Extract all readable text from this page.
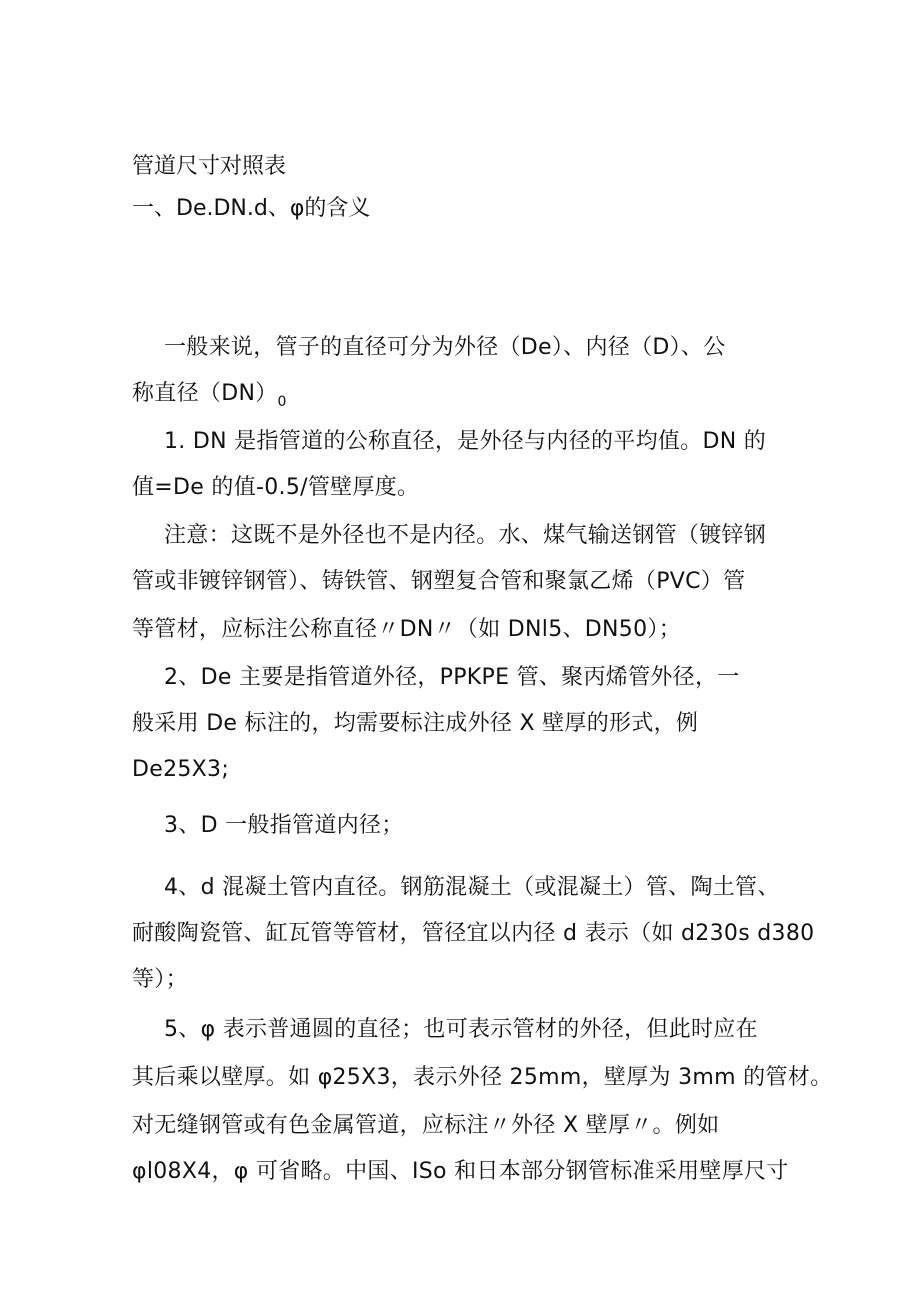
管道尺寸对照表
一、De.DN.d、φ的含义
一般来说，管子的直径可分为外径（De）、内径（D）、公
称直径$(DN)_0$
1. DN 是指管道的公称直径，是外径与内径的平均值。DN 的
值=De 的值-0.5/管壁厚度。
注意：这既不是外径也不是内径。水、煤气输送钢管（镀锌钢
管或非镀锌钢管）、铸铁管、钢塑复合管和聚氯乙烯（PVC）管
等管材，应标注公称直径〃DN〃（如 DNl5、DN50）；
2、De 主要是指管道外径，PPKPE 管、聚丙烯管外径，一
般采用 De 标注的，均需要标注成外径 X 壁厚的形式，例
De25X3;
3、D 一般指管道内径；
4、d 混凝土管内直径。钢筋混凝土（或混凝土）管、陶土管、
耐酸陶瓷管、缸瓦管等管材，管径宜以内径 d 表示（如 d230s d380
等）；
5、φ 表示普通圆的直径；也可表示管材的外径，但此时应在
其后乘以壁厚。如 φ25X3，表示外径 25mm，壁厚为 3mm 的管材。
对无缝钢管或有色金属管道，应标注〃外径 X 壁厚〃。例如
φl08X4，φ 可省略。中国、ISo 和日本部分钢管标准采用壁厚尺寸
